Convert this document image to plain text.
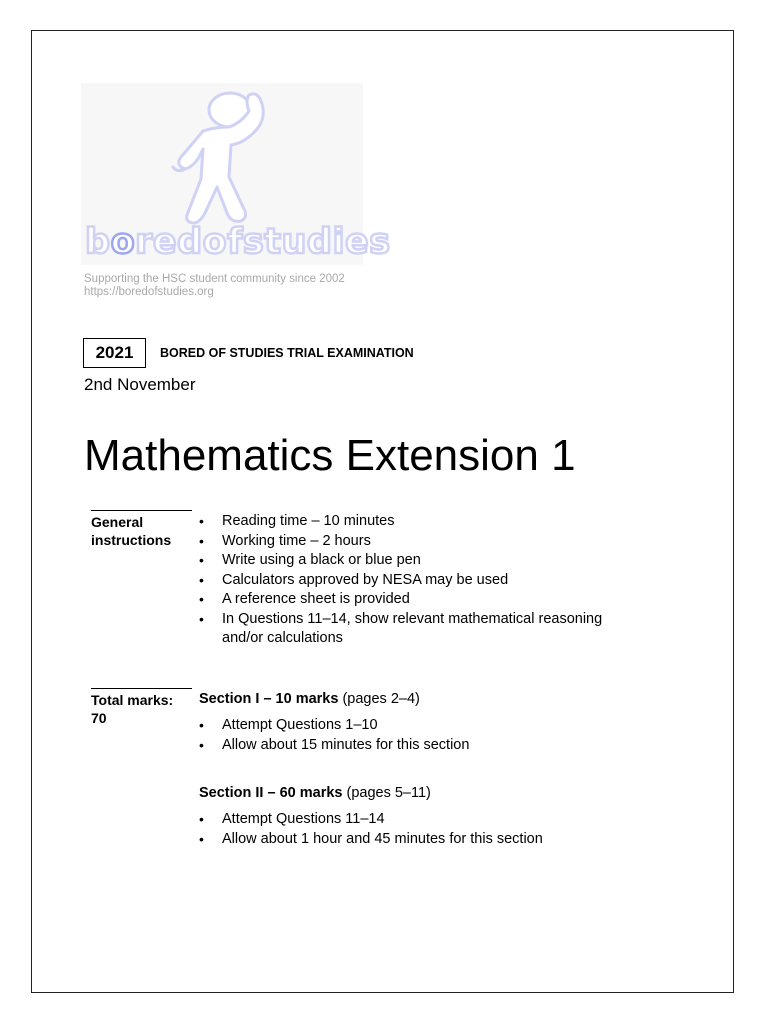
boredofstudies
Supporting the HSC student community since 2002
https://boredofstudies.org
2021	BORED OF STUDIES TRIAL EXAMINATION
2nd November
Mathematics Extension 1
General instructions
• Reading time – 10 minutes
• Working time – 2 hours
• Write using a black or blue pen
• Calculators approved by NESA may be used
• A reference sheet is provided
• In Questions 11–14, show relevant mathematical reasoning and/or calculations
Total marks: 70
Section I – 10 marks (pages 2–4)
• Attempt Questions 1–10
• Allow about 15 minutes for this section
Section II – 60 marks (pages 5–11)
• Attempt Questions 11–14
• Allow about 1 hour and 45 minutes for this section
